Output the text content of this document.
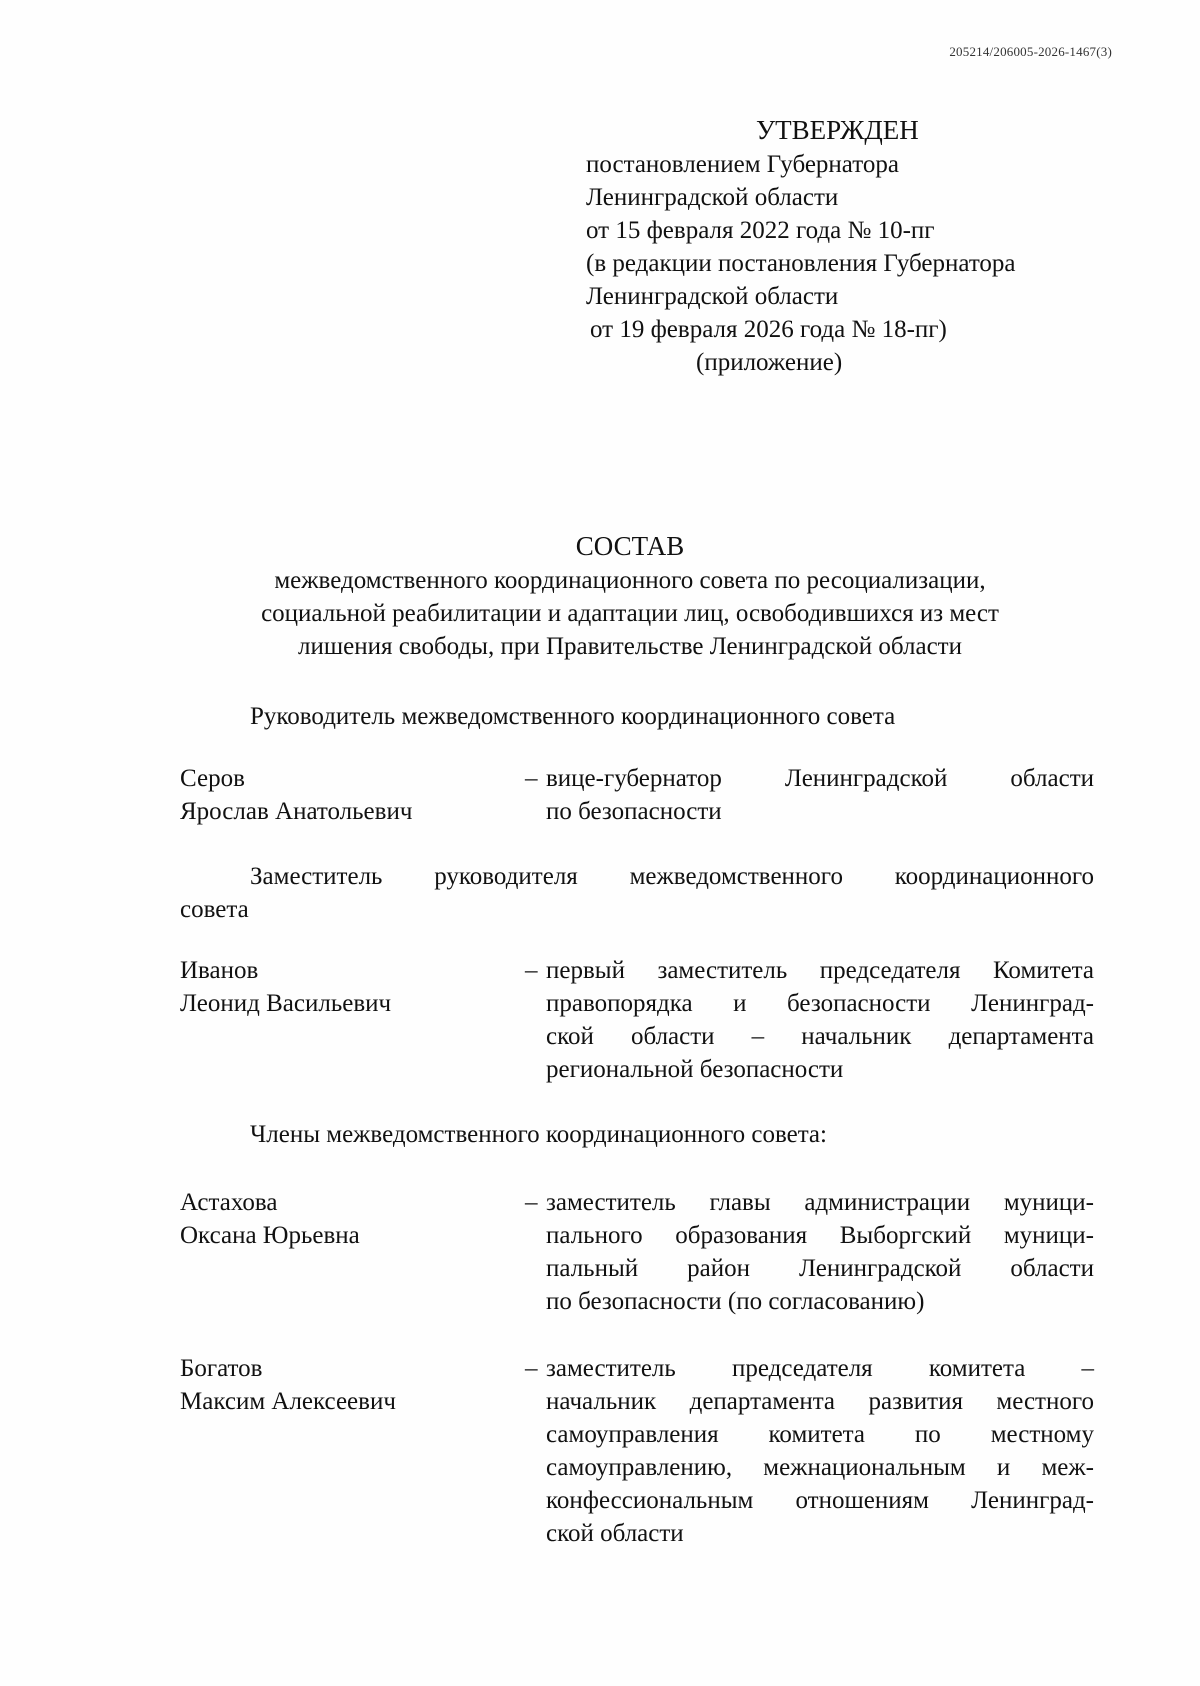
205214/206005-2026-1467(3)
УТВЕРЖДЕН
постановлением Губернатора
Ленинградской области
от 15 февраля 2022 года № 10-пг
(в редакции постановления Губернатора
Ленинградской области
от 19 февраля 2026 года № 18-пг)
(приложение)
СОСТАВ
межведомственного координационного совета по ресоциализации,
социальной реабилитации и адаптации лиц, освободившихся из мест
лишения свободы, при Правительстве Ленинградской области
Руководитель межведомственного координационного совета
Серов
Ярослав Анатольевич
– вице-губернатор Ленинградской области
по безопасности
Заместитель руководителя межведомственного координационного
совета
Иванов
Леонид Васильевич
– первый заместитель председателя Комитета
правопорядка и безопасности Ленинград-
ской области – начальник департамента
региональной безопасности
Члены межведомственного координационного совета:
Астахова
Оксана Юрьевна
– заместитель главы администрации муници-
пального образования Выборгский муници-
пальный район Ленинградской области
по безопасности (по согласованию)
Богатов
Максим Алексеевич
– заместитель председателя комитета –
начальник департамента развития местного
самоуправления комитета по местному
самоуправлению, межнациональным и меж-
конфессиональным отношениям Ленинград-
ской области
